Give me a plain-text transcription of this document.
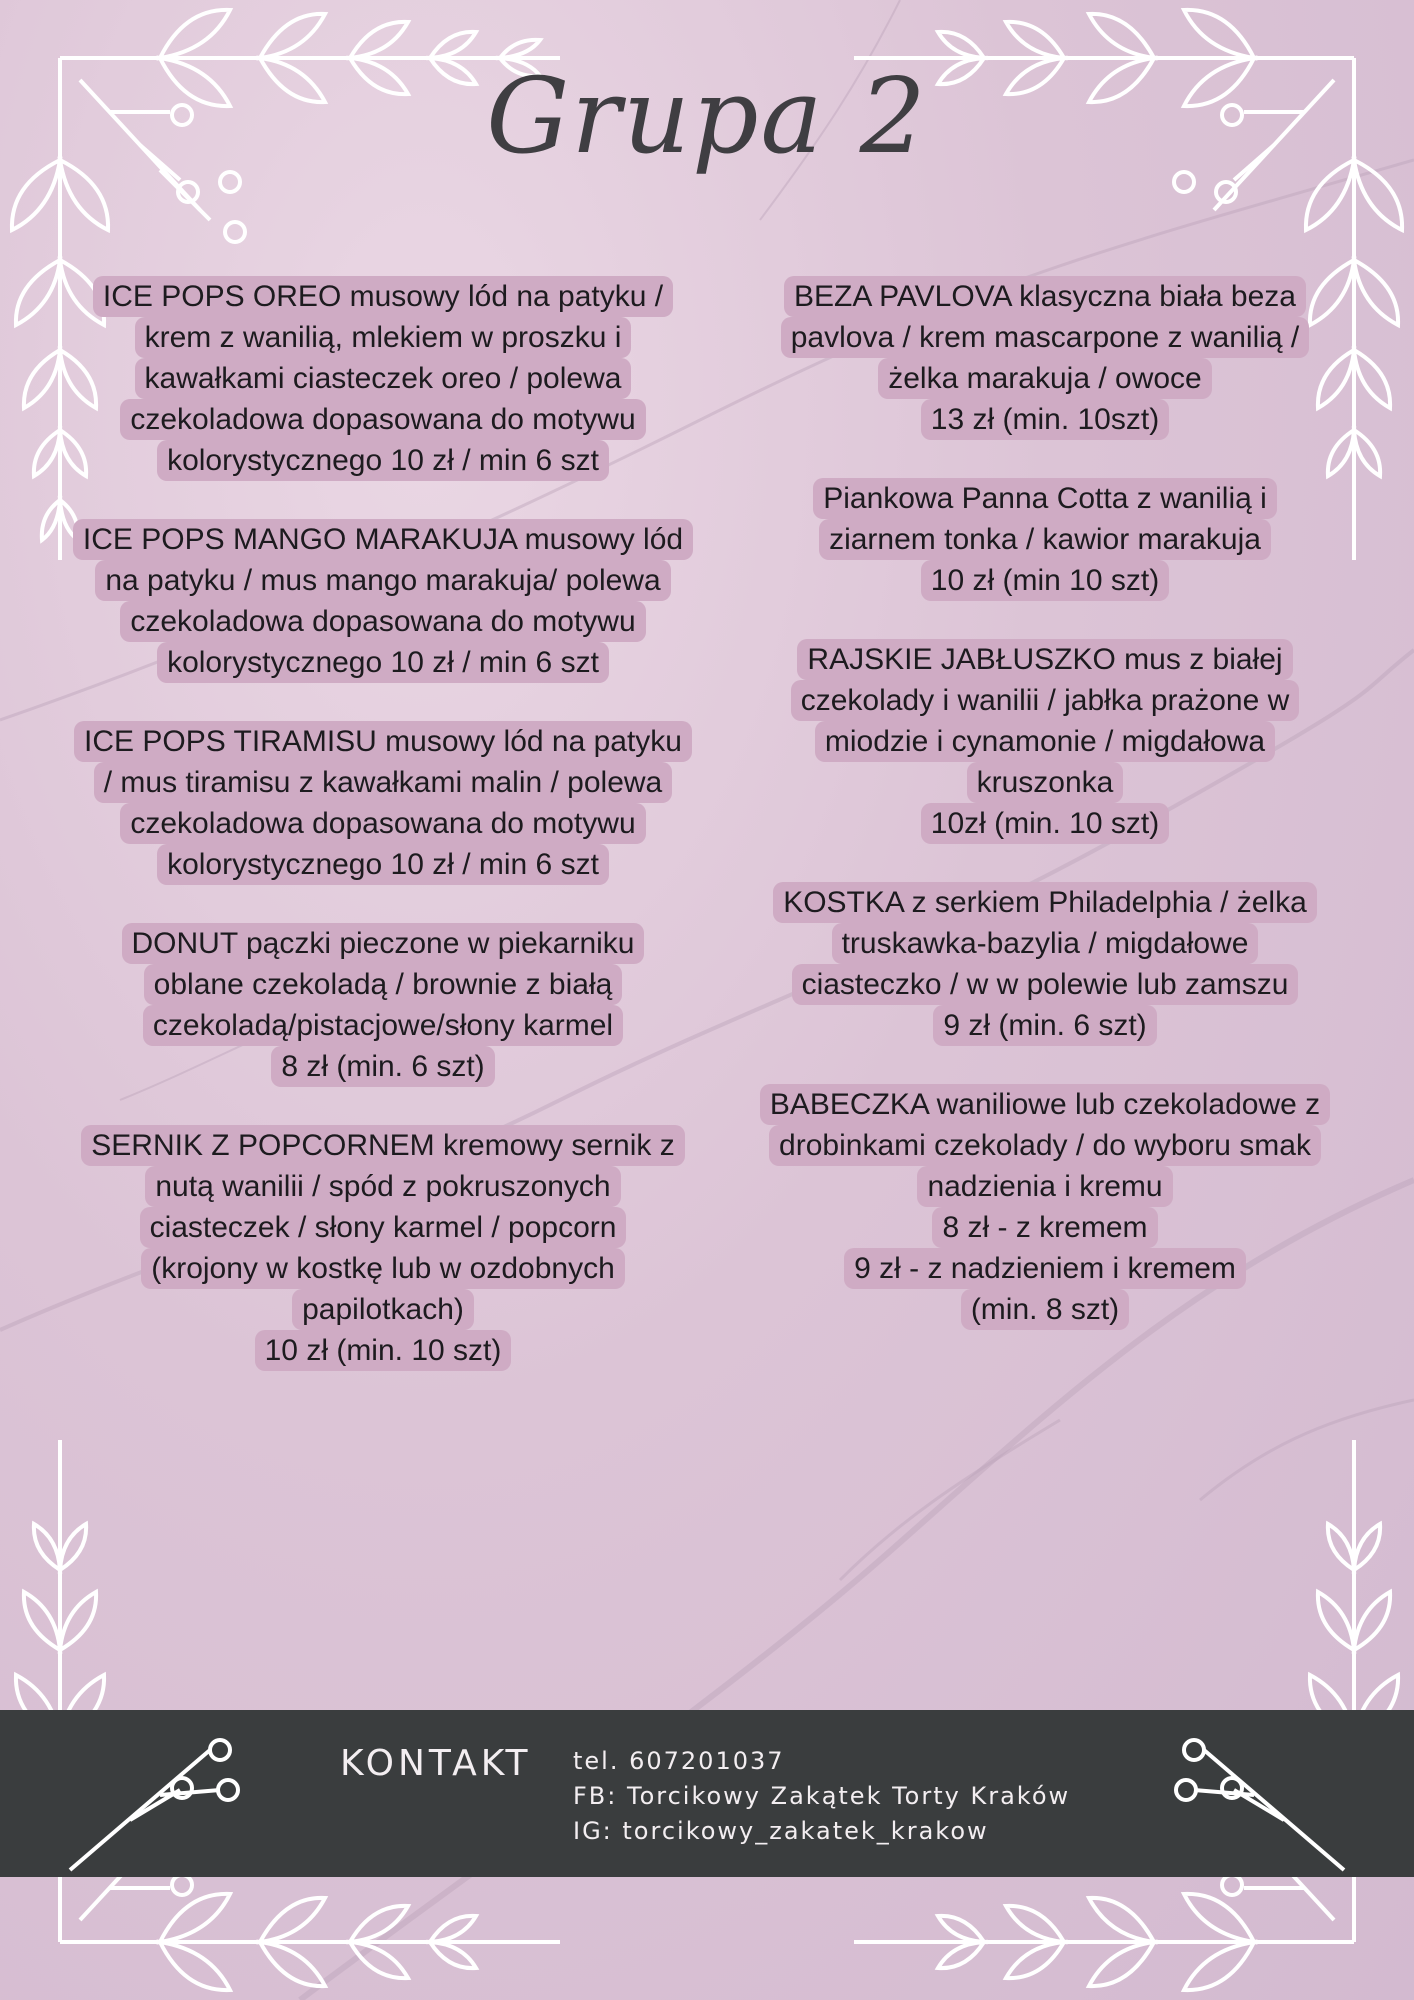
Grupa 2
ICE POPS OREO musowy lód na patyku /
krem z wanilią, mlekiem w proszku i
kawałkami ciasteczek oreo / polewa
czekoladowa dopasowana do motywu
kolorystycznego 10 zł / min 6 szt
ICE POPS MANGO MARAKUJA musowy lód
na patyku / mus mango marakuja/ polewa
czekoladowa dopasowana do motywu
kolorystycznego 10 zł / min 6 szt
ICE POPS TIRAMISU musowy lód na patyku
/ mus tiramisu z kawałkami malin / polewa
czekoladowa dopasowana do motywu
kolorystycznego 10 zł / min 6 szt
DONUT pączki pieczone w piekarniku
oblane czekoladą / brownie z białą
czekoladą/pistacjowe/słony karmel
8 zł (min. 6 szt)
SERNIK Z POPCORNEM kremowy sernik z
nutą wanilii / spód z pokruszonych
ciasteczek / słony karmel / popcorn
(krojony w kostkę lub w ozdobnych
papilotkach)
10 zł (min. 10 szt)
BEZA PAVLOVA klasyczna biała beza
pavlova / krem mascarpone z wanilią /
żelka marakuja / owoce
13 zł (min. 10szt)
Piankowa Panna Cotta z wanilią i
ziarnem tonka / kawior marakuja
10 zł (min 10 szt)
RAJSKIE JABŁUSZKO mus z białej
czekolady i wanilii / jabłka prażone w
miodzie i cynamonie / migdałowa
kruszonka
10zł (min. 10 szt)
KOSTKA z serkiem Philadelphia / żelka
truskawka-bazylia / migdałowe
ciasteczko / w w polewie lub zamszu
9 zł (min. 6 szt)
BABECZKA waniliowe lub czekoladowe z
drobinkami czekolady / do wyboru smak
nadzienia i kremu
8 zł - z kremem
9 zł - z nadzieniem i kremem
(min. 8 szt)
KONTAKT tel. 607201037
FB: Torcikowy Zakątek Torty Kraków
IG: torcikowy_zakatek_krakow
